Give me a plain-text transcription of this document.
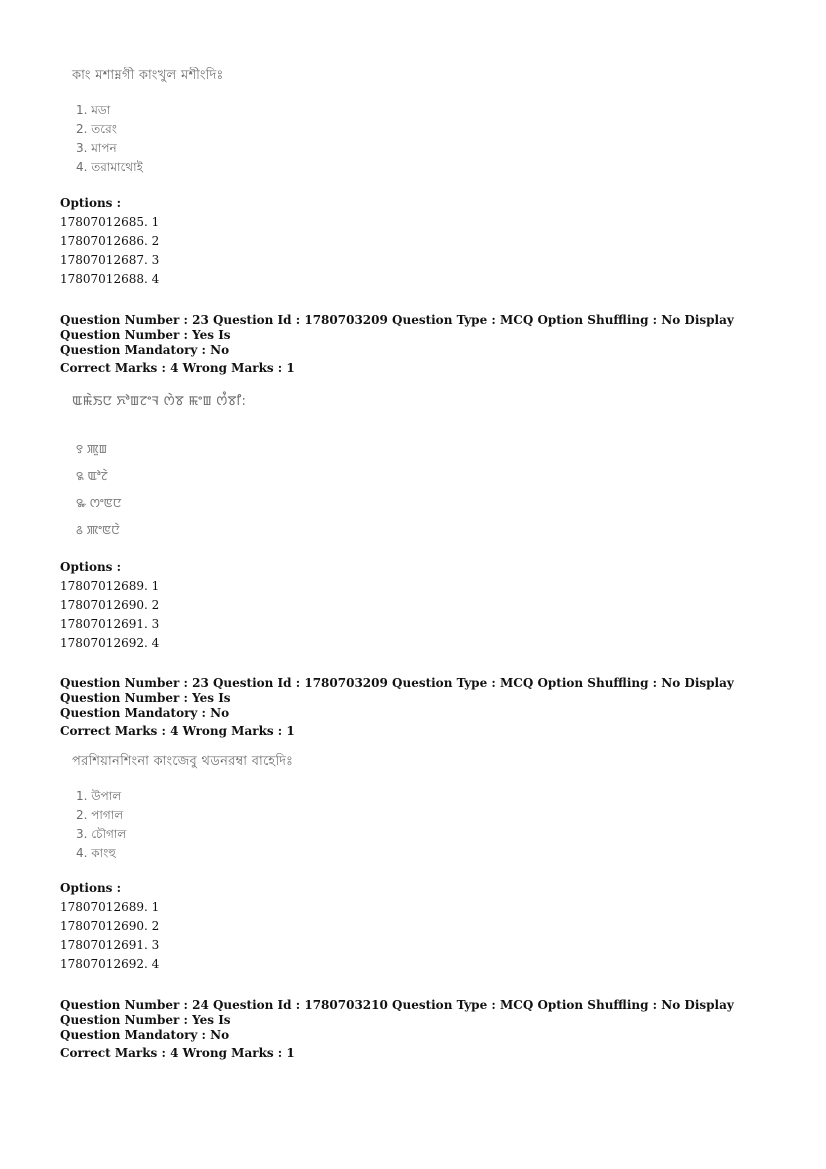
কাং মশাম্নগী কাংখুল মশীংদিঃ
1. মডা
2. তরেং
3. মাপন
4. তরামাথোই
Options :
17807012685. 1
17807012686. 2
17807012687. 3
17807012688. 4

Question Number : 23 Question Id : 1780703209 Question Type : MCQ Option Shuffling : No Display Question Number : Yes Is

Question Mandatory : No

Correct Marks : 4 Wrong Marks : 1

ꯑꯃꯥꯏꯅ ꯈꯣꯡꯖꯦꯜ ꯁꯥꯕ ꯃꯦꯡ ꯁꯪꯕꯤ:
꯱ ꯄꯨꯡ
꯲ ꯑꯣꯖꯥ
꯳ ꯁꯦꯟꯅ
꯴ ꯄꯦꯟꯅꯥ
Options :
17807012689. 1
17807012690. 2
17807012691. 3
17807012692. 4

Question Number : 23 Question Id : 1780703209 Question Type : MCQ Option Shuffling : No Display Question Number : Yes Is

Question Mandatory : No

Correct Marks : 4 Wrong Marks : 1

পরশিয়ানশিংনা কাংজেবু থডনরম্বা বাহেদিঃ
1. উপাল
2. পাগাল
3. চৌগাল
4. কাংহু
Options :
17807012689. 1
17807012690. 2
17807012691. 3
17807012692. 4

Question Number : 24 Question Id : 1780703210 Question Type : MCQ Option Shuffling : No Display Question Number : Yes Is

Question Mandatory : No

Correct Marks : 4 Wrong Marks : 1
